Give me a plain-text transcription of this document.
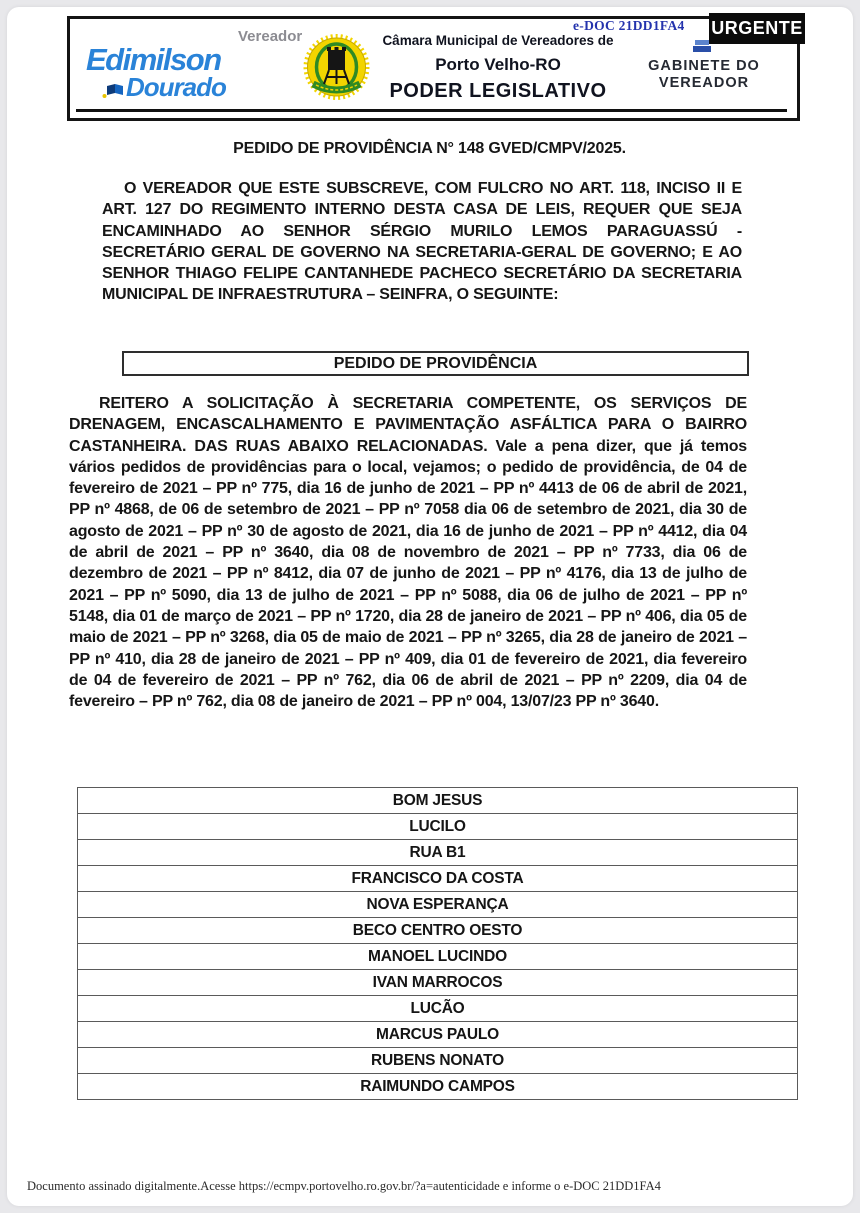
Vereador
Edimilson
Dourado
Câmara Municipal de Vereadores de
Porto Velho-RO
PODER LEGISLATIVO
GABINETE DO
VEREADOR
e-DOC 21DD1FA4	URGENTE
PEDIDO DE PROVIDÊNCIA N° 148 GVED/CMPV/2025.

O VEREADOR QUE ESTE SUBSCREVE, COM FULCRO NO ART. 118, INCISO II E ART. 127 DO REGIMENTO INTERNO DESTA CASA DE LEIS, REQUER QUE SEJA ENCAMINHADO AO SENHOR SÉRGIO MURILO LEMOS PARAGUASSÚ - SECRETÁRIO GERAL DE GOVERNO NA SECRETARIA-GERAL DE GOVERNO; E AO SENHOR THIAGO FELIPE CANTANHEDE PACHECO SECRETÁRIO DA SECRETARIA MUNICIPAL DE INFRAESTRUTURA – SEINFRA, O SEGUINTE:

PEDIDO DE PROVIDÊNCIA

REITERO A SOLICITAÇÃO À SECRETARIA COMPETENTE, OS SERVIÇOS DE DRENAGEM, ENCASCALHAMENTO E PAVIMENTAÇÃO ASFÁLTICA PARA O BAIRRO CASTANHEIRA. DAS RUAS ABAIXO RELACIONADAS. Vale a pena dizer, que já temos vários pedidos de providências para o local, vejamos; o pedido de providência, de 04 de fevereiro de 2021 – PP nº 775, dia 16 de junho de 2021 – PP nº 4413 de 06 de abril de 2021, PP nº 4868, de 06 de setembro de 2021 – PP nº 7058 dia 06 de setembro de 2021, dia 30 de agosto de 2021 – PP nº 30 de agosto de 2021, dia 16 de junho de 2021 – PP nº 4412, dia 04 de abril de 2021 – PP nº 3640, dia 08 de novembro de 2021 – PP nº 7733, dia 06 de dezembro de 2021 – PP nº 8412, dia 07 de junho de 2021 – PP nº 4176, dia 13 de julho de 2021 – PP nº 5090, dia 13 de julho de 2021 – PP nº 5088, dia 06 de julho de 2021 – PP nº 5148, dia 01 de março de 2021 – PP nº 1720, dia 28 de janeiro de 2021 – PP nº 406, dia 05 de maio de 2021 – PP nº 3268, dia 05 de maio de 2021 – PP nº 3265, dia 28 de janeiro de 2021 – PP nº 410, dia 28 de janeiro de 2021 – PP nº 409, dia 01 de fevereiro de 2021, dia fevereiro de 04 de fevereiro de 2021 – PP nº 762, dia 06 de abril de 2021 – PP nº 2209, dia 04 de fevereiro – PP nº 762, dia 08 de janeiro de 2021 – PP nº 004, 13/07/23 PP nº 3640.

BOM JESUS
LUCILO
RUA B1
FRANCISCO DA COSTA
NOVA ESPERANÇA
BECO CENTRO OESTO
MANOEL LUCINDO
IVAN MARROCOS
LUCÃO
MARCUS PAULO
RUBENS NONATO
RAIMUNDO CAMPOS
Documento assinado digitalmente.Acesse https://ecmpv.portovelho.ro.gov.br/?a=autenticidade e informe o e-DOC 21DD1FA4
